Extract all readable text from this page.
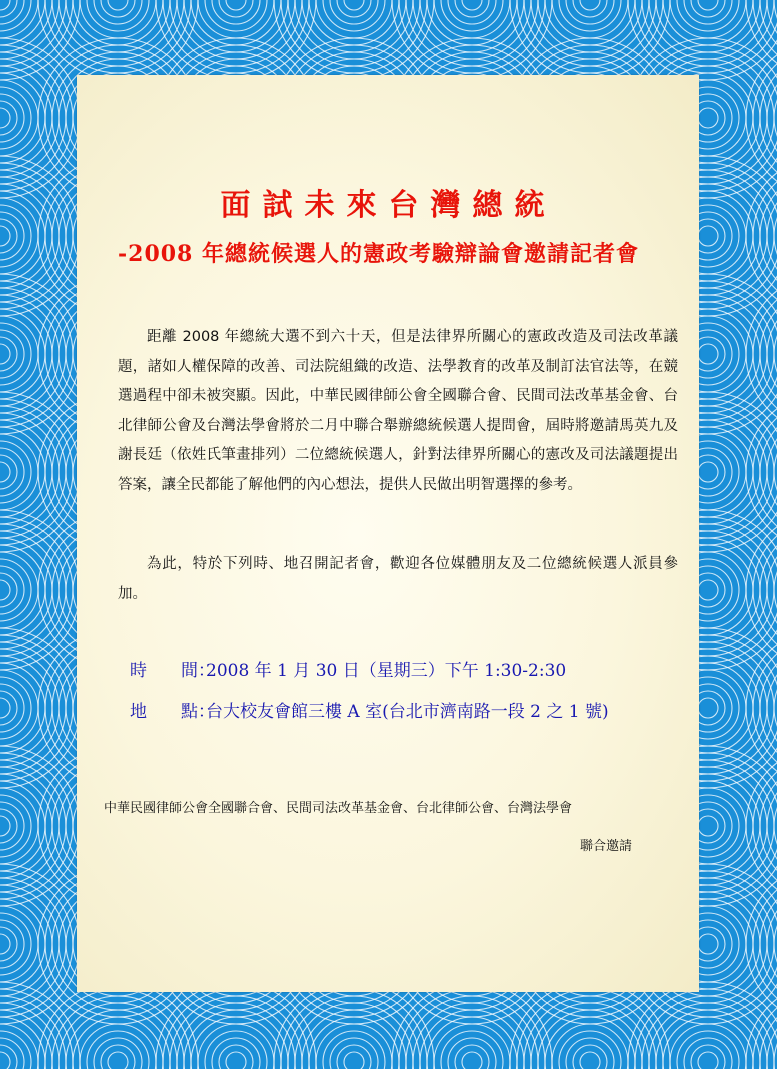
面試未來台灣總統
-2008 年總統候選人的憲政考驗辯論會邀請記者會
距離 2008 年總統大選不到六十天，但是法律界所關心的憲政改造及司法改革議題，諸如人權保障的改善、司法院組織的改造、法學教育的改革及制訂法官法等，在競選過程中卻未被突顯。因此，中華民國律師公會全國聯合會、民間司法改革基金會、台北律師公會及台灣法學會將於二月中聯合舉辦總統候選人提問會，屆時將邀請馬英九及謝長廷（依姓氏筆畫排列）二位總統候選人，針對法律界所關心的憲改及司法議題提出答案，讓全民都能了解他們的內心想法，提供人民做出明智選擇的參考。
為此，特於下列時、地召開記者會，歡迎各位媒體朋友及二位總統候選人派員參加。
時　　間：2008 年 1 月 30 日（星期三）下午 1:30-2:30
地　　點：台大校友會館三樓 A 室(台北市濟南路一段 2 之 1 號)
中華民國律師公會全國聯合會、民間司法改革基金會、台北律師公會、台灣法學會
聯合邀請
